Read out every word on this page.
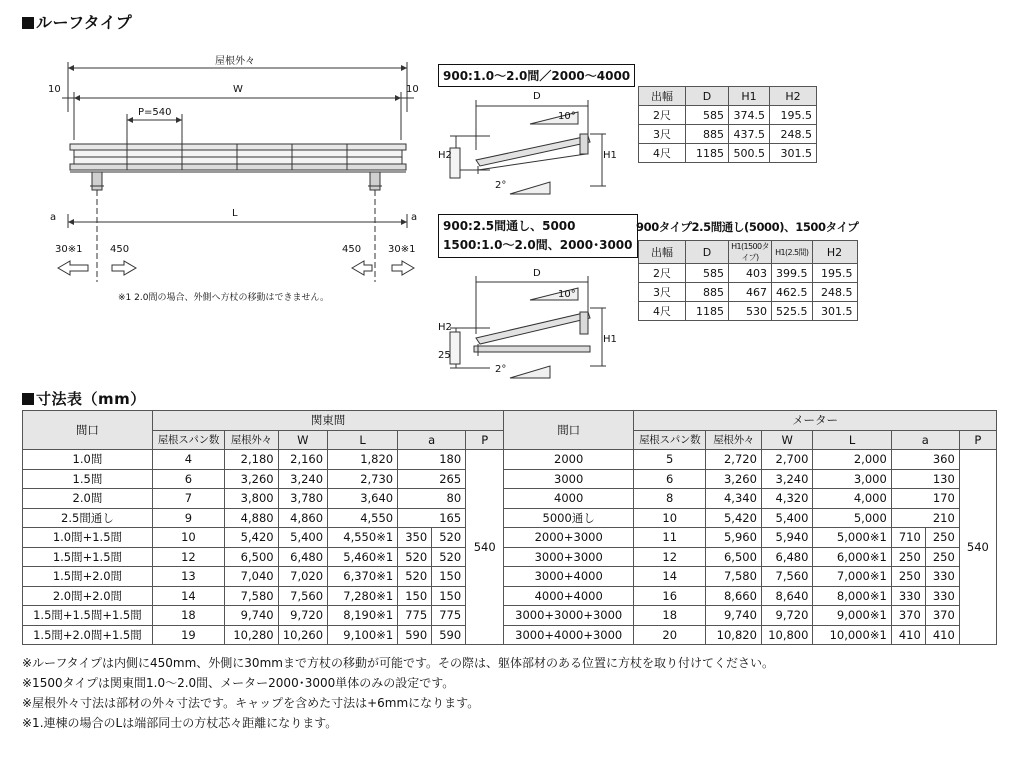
ルーフタイプ
屋根外々
10	10
W
P=540
a	a
L
30※1	450	450	30※1
※1 2.0間の場合、外側へ方杖の移動はできません。
900:1.0～2.0間／2000～4000
D
10°
2°
H2	H1
900:2.5間通し、5000
1500:1.0～2.0間、2000･3000
D
10°
2°
H2
H1
25
出幅	D	H1	H2
2尺	585	374.5	195.5
3尺	885	437.5	248.5
4尺	1185	500.5	301.5
900タイプ2.5間通し(5000)、1500タイプ
出幅	D	H1(1500タイプ)	H1(2.5間)	H2
2尺	585	403	399.5	195.5
3尺	885	467	462.5	248.5
4尺	1185	530	525.5	301.5
寸法表（mm）
間口	関東間							間口	メーター						
	屋根スパン数	屋根外々	W	L	a		P		屋根スパン数	屋根外々	W	L	a		P
1.0間	4	2,180	2,160	1,820	180		540	2000	5	2,720	2,700	2,000	360		540
1.5間	6	3,260	3,240	2,730	265			3000	6	3,260	3,240	3,000	130		
2.0間	7	3,800	3,780	3,640	80			4000	8	4,340	4,320	4,000	170		
2.5間通し	9	4,880	4,860	4,550	165			5000通し	10	5,420	5,400	5,000	210		
1.0間+1.5間	10	5,420	5,400	4,550※1	350	520		2000+3000	11	5,960	5,940	5,000※1	710	250	
1.5間+1.5間	12	6,500	6,480	5,460※1	520	520		3000+3000	12	6,500	6,480	6,000※1	250	250	
1.5間+2.0間	13	7,040	7,020	6,370※1	520	150		3000+4000	14	7,580	7,560	7,000※1	250	330	
2.0間+2.0間	14	7,580	7,560	7,280※1	150	150		4000+4000	16	8,660	8,640	8,000※1	330	330	
1.5間+1.5間+1.5間	18	9,740	9,720	8,190※1	775	775		3000+3000+3000	18	9,740	9,720	9,000※1	370	370	
1.5間+2.0間+1.5間	19	10,280	10,260	9,100※1	590	590		3000+4000+3000	20	10,820	10,800	10,000※1	410	410	
※ルーフタイプは内側に450mm、外側に30mmまで方杖の移動が可能です。その際は、躯体部材のある位置に方杖を取り付けてください。
※1500タイプは関東間1.0～2.0間、メーター2000･3000単体のみの設定です。
※屋根外々寸法は部材の外々寸法です。キャップを含めた寸法は+6mmになります。
※1.連棟の場合のLは端部同士の方杖芯々距離になります。
